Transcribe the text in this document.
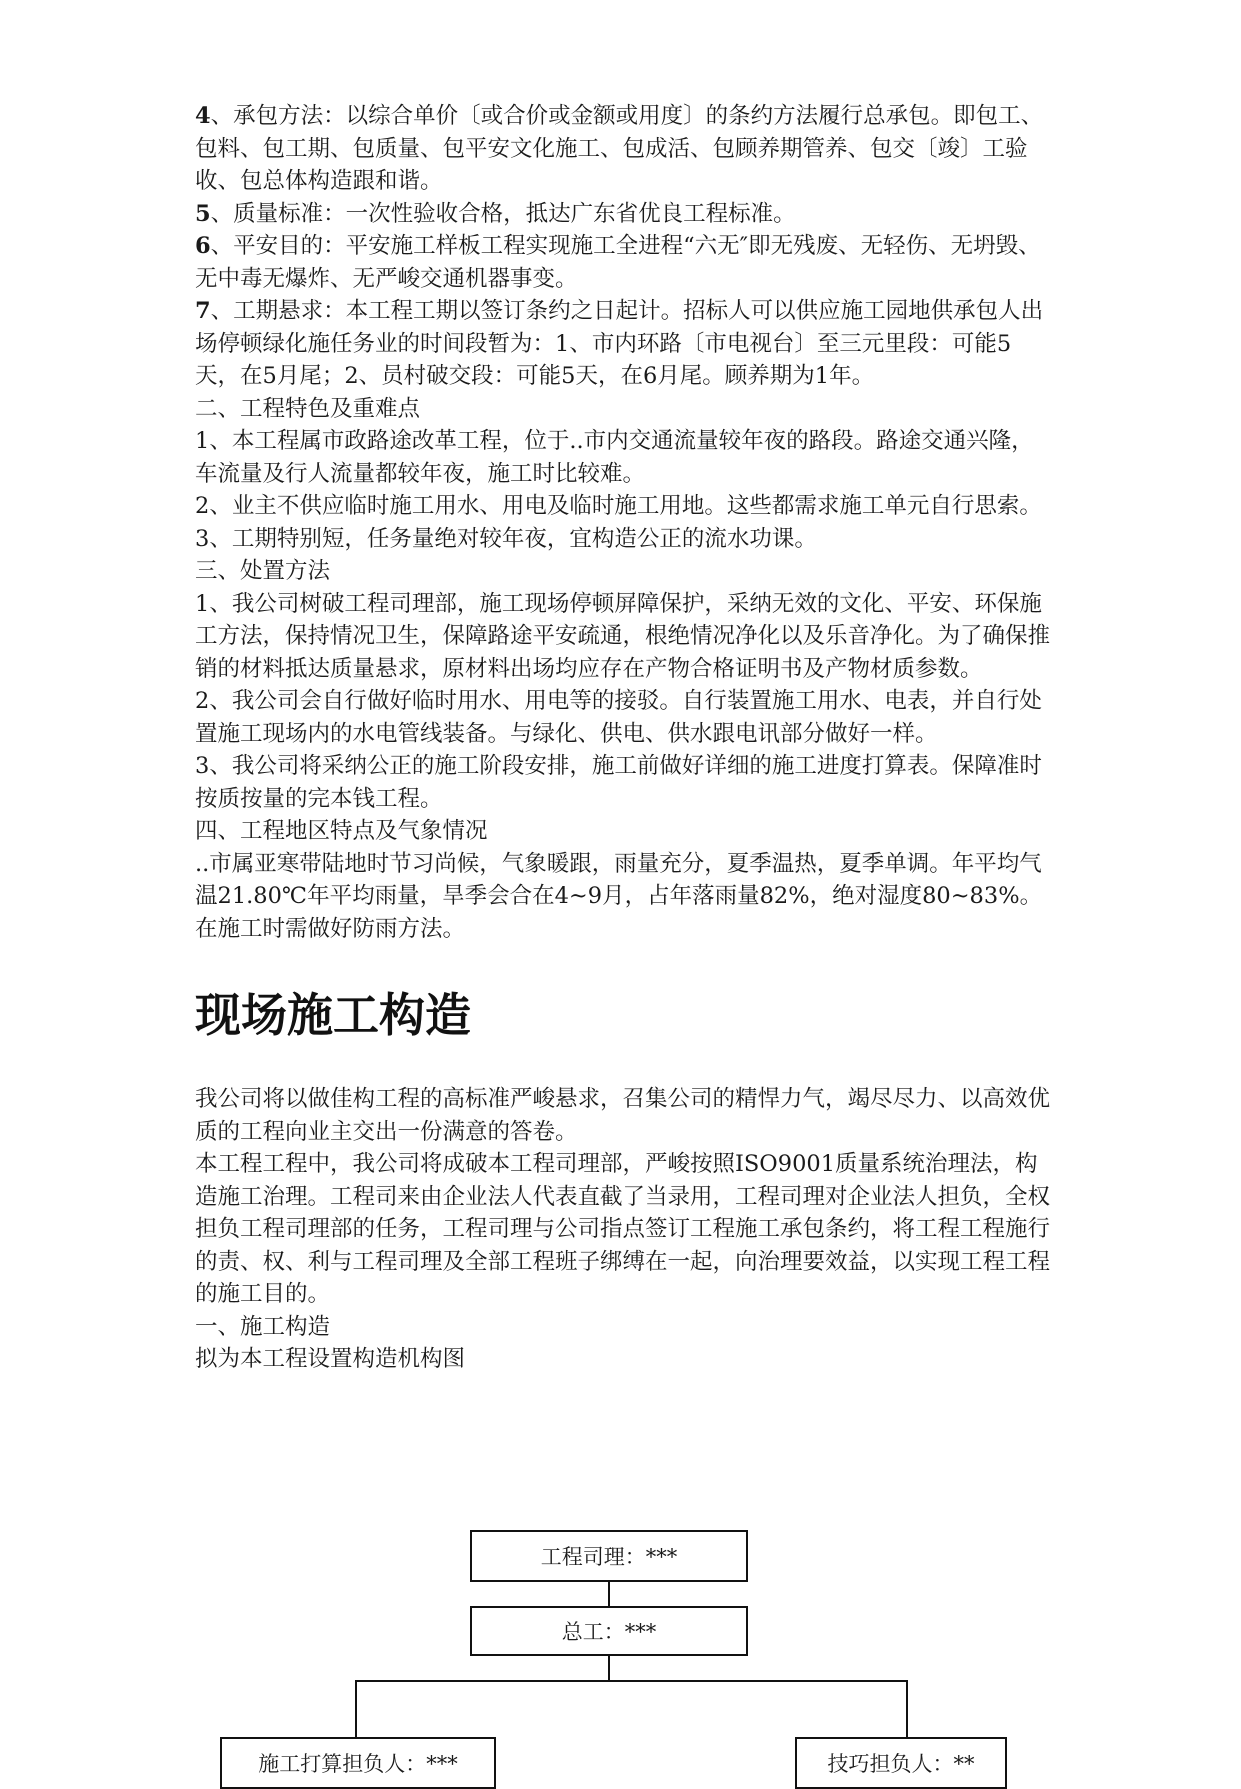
4、承包方法：以综合单价〔或合价或金额或用度〕的条约方法履行总承包。即包工、包料、包工期、包质量、包平安文化施工、包成活、包顾养期管养、包交〔竣〕工验收、包总体构造跟和谐。

5、质量标准：一次性验收合格，抵达广东省优良工程标准。

6、平安目的：平安施工样板工程实现施工全进程“六无″即无残废、无轻伤、无坍毁、无中毒无爆炸、无严峻交通机器事变。

7、工期悬求：本工程工期以签订条约之日起计。招标人可以供应施工园地供承包人出场停顿绿化施任务业的时间段暂为：1、市内环路〔市电视台〕至三元里段：可能5天，在5月尾；2、员村破交段：可能5天，在6月尾。顾养期为1年。

二、工程特色及重难点

1、本工程属市政路途改革工程，位于..市内交通流量较年夜的路段。路途交通兴隆，车流量及行人流量都较年夜，施工时比较难。

2、业主不供应临时施工用水、用电及临时施工用地。这些都需求施工单元自行思索。

3、工期特别短，任务量绝对较年夜，宜构造公正的流水功课。

三、处置方法

1、我公司树破工程司理部，施工现场停顿屏障保护，采纳无效的文化、平安、环保施工方法，保持情况卫生，保障路途平安疏通，根绝情况净化以及乐音净化。为了确保推销的材料抵达质量悬求，原材料出场均应存在产物合格证明书及产物材质参数。

2、我公司会自行做好临时用水、用电等的接驳。自行装置施工用水、电表，并自行处置施工现场内的水电管线装备。与绿化、供电、供水跟电讯部分做好一样。

3、我公司将采纳公正的施工阶段安排，施工前做好详细的施工进度打算表。保障准时按质按量的完本钱工程。

四、工程地区特点及气象情况

..市属亚寒带陆地时节习尚候，气象暖跟，雨量充分，夏季温热，夏季单调。年平均气温21.80℃年平均雨量，旱季会合在4~9月，占年落雨量82%，绝对湿度80~83%。在施工时需做好防雨方法。

现场施工构造

我公司将以做佳构工程的高标准严峻悬求，召集公司的精悍力气，竭尽尽力、以高效优质的工程向业主交出一份满意的答卷。

本工程工程中，我公司将成破本工程司理部，严峻按照ISO9001质量系统治理法，构造施工治理。工程司来由企业法人代表直截了当录用，工程司理对企业法人担负，全权担负工程司理部的任务，工程司理与公司指点签订工程施工承包条约，将工程工程施行的责、权、利与工程司理及全部工程班子绑缚在一起，向治理要效益，以实现工程工程的施工目的。

一、施工构造

拟为本工程设置构造机构图

工程司理：***
总工：***
施工打算担负人：***	技巧担负人：**
